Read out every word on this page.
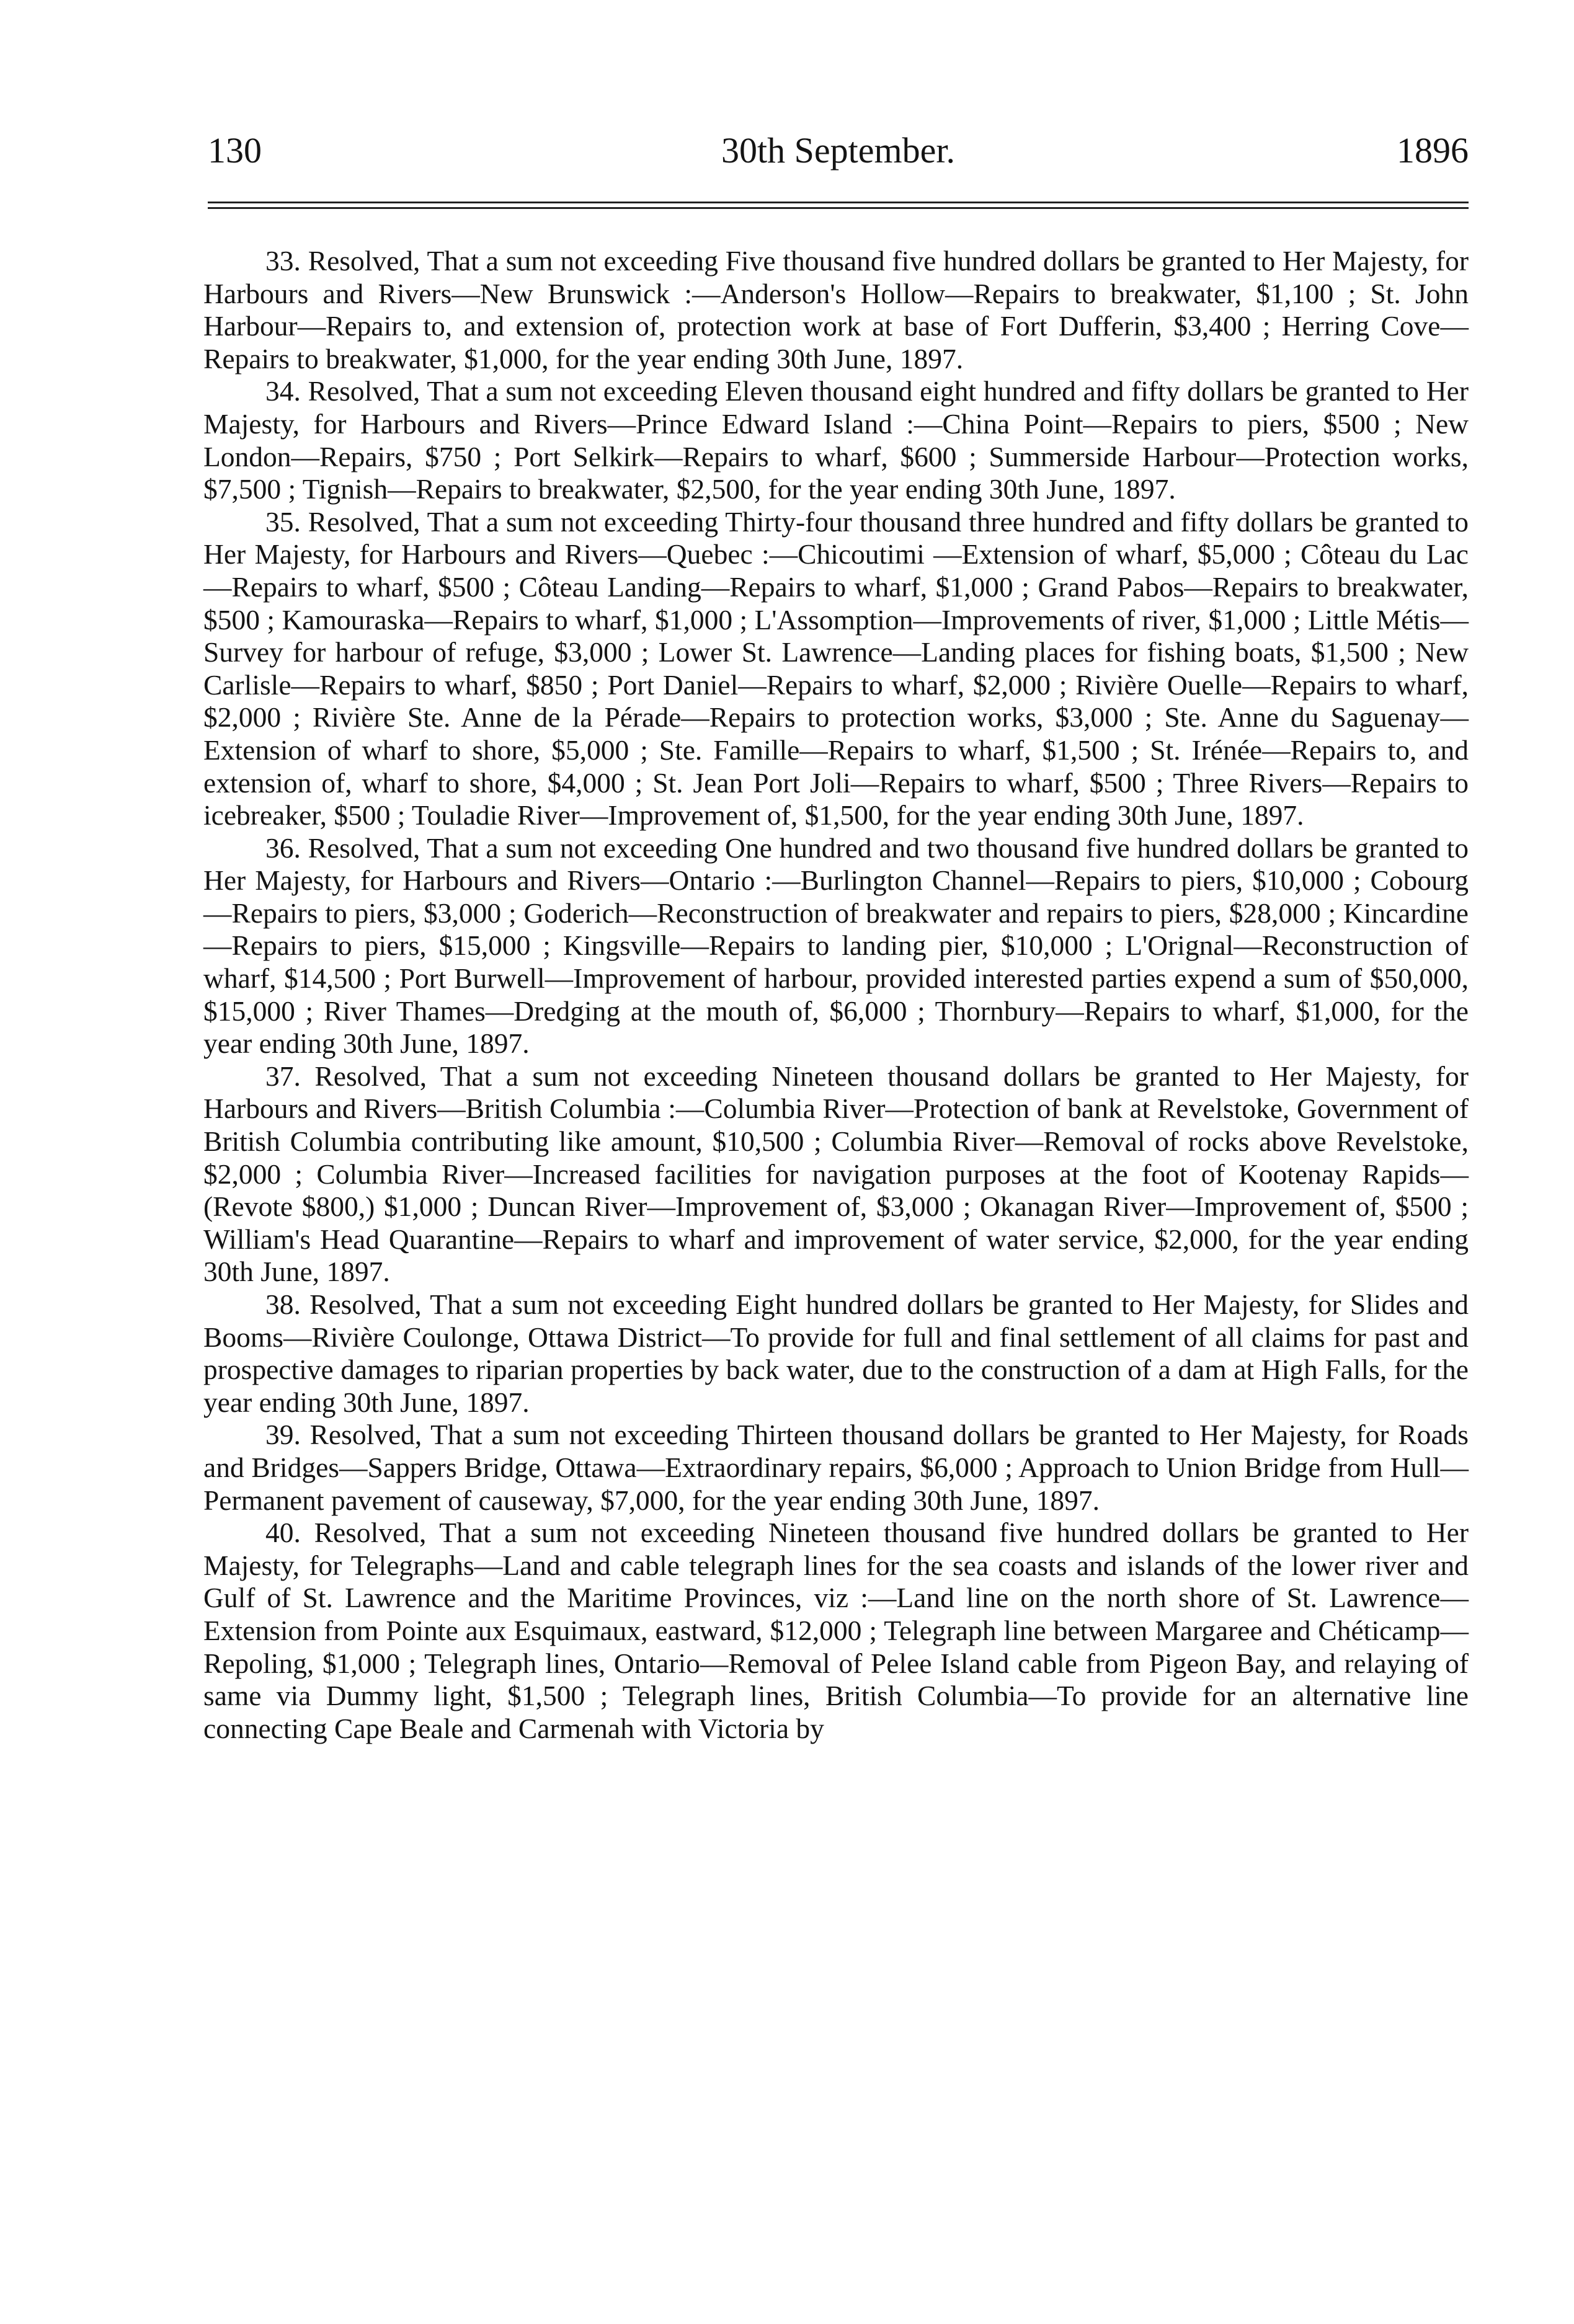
130	30th September.	1896

33. Resolved, That a sum not exceeding Five thousand five hundred dollars be granted to Her Majesty, for Harbours and Rivers—New Brunswick :—Anderson's Hollow—Repairs to breakwater, $1,100 ; St. John Harbour—Repairs to, and extension of, protection work at base of Fort Dufferin, $3,400 ; Herring Cove—Repairs to breakwater, $1,000, for the year ending 30th June, 1897.

34. Resolved, That a sum not exceeding Eleven thousand eight hundred and fifty dollars be granted to Her Majesty, for Harbours and Rivers—Prince Edward Island :—China Point—Repairs to piers, $500 ; New London—Repairs, $750 ; Port Selkirk—Repairs to wharf, $600 ; Summerside Harbour—Protection works, $7,500 ; Tignish—Repairs to breakwater, $2,500, for the year ending 30th June, 1897.

35. Resolved, That a sum not exceeding Thirty-four thousand three hundred and fifty dollars be granted to Her Majesty, for Harbours and Rivers—Quebec :—Chicoutimi —Extension of wharf, $5,000 ; Côteau du Lac—Repairs to wharf, $500 ; Côteau Landing—Repairs to wharf, $1,000 ; Grand Pabos—Repairs to breakwater, $500 ; Kamouraska—Repairs to wharf, $1,000 ; L'Assomption—Improvements of river, $1,000 ; Little Métis—Survey for harbour of refuge, $3,000 ; Lower St. Lawrence—Landing places for fishing boats, $1,500 ; New Carlisle—Repairs to wharf, $850 ; Port Daniel—Repairs to wharf, $2,000 ; Rivière Ouelle—Repairs to wharf, $2,000 ; Rivière Ste. Anne de la Pérade—Repairs to protection works, $3,000 ; Ste. Anne du Saguenay—Extension of wharf to shore, $5,000 ; Ste. Famille—Repairs to wharf, $1,500 ; St. Irénée—Repairs to, and extension of, wharf to shore, $4,000 ; St. Jean Port Joli—Repairs to wharf, $500 ; Three Rivers—Repairs to icebreaker, $500 ; Touladie River—Improvement of, $1,500, for the year ending 30th June, 1897.

36. Resolved, That a sum not exceeding One hundred and two thousand five hundred dollars be granted to Her Majesty, for Harbours and Rivers—Ontario :—Burlington Channel—Repairs to piers, $10,000 ; Cobourg—Repairs to piers, $3,000 ; Goderich—Reconstruction of breakwater and repairs to piers, $28,000 ; Kincardine—Repairs to piers, $15,000 ; Kingsville—Repairs to landing pier, $10,000 ; L'Orignal—Reconstruction of wharf, $14,500 ; Port Burwell—Improvement of harbour, provided interested parties expend a sum of $50,000, $15,000 ; River Thames—Dredging at the mouth of, $6,000 ; Thornbury—Repairs to wharf, $1,000, for the year ending 30th June, 1897.

37. Resolved, That a sum not exceeding Nineteen thousand dollars be granted to Her Majesty, for Harbours and Rivers—British Columbia :—Columbia River—Protection of bank at Revelstoke, Government of British Columbia contributing like amount, $10,500 ; Columbia River—Removal of rocks above Revelstoke, $2,000 ; Columbia River—Increased facilities for navigation purposes at the foot of Kootenay Rapids—(Revote $800,) $1,000 ; Duncan River—Improvement of, $3,000 ; Okanagan River—Improvement of, $500 ; William's Head Quarantine—Repairs to wharf and improvement of water service, $2,000, for the year ending 30th June, 1897.

38. Resolved, That a sum not exceeding Eight hundred dollars be granted to Her Majesty, for Slides and Booms—Rivière Coulonge, Ottawa District—To provide for full and final settlement of all claims for past and prospective damages to riparian properties by back water, due to the construction of a dam at High Falls, for the year ending 30th June, 1897.

39. Resolved, That a sum not exceeding Thirteen thousand dollars be granted to Her Majesty, for Roads and Bridges—Sappers Bridge, Ottawa—Extraordinary repairs, $6,000 ; Approach to Union Bridge from Hull—Permanent pavement of causeway, $7,000, for the year ending 30th June, 1897.

40. Resolved, That a sum not exceeding Nineteen thousand five hundred dollars be granted to Her Majesty, for Telegraphs—Land and cable telegraph lines for the sea coasts and islands of the lower river and Gulf of St. Lawrence and the Maritime Provinces, viz :—Land line on the north shore of St. Lawrence—Extension from Pointe aux Esquimaux, eastward, $12,000 ; Telegraph line between Margaree and Chéticamp—Repoling, $1,000 ; Telegraph lines, Ontario—Removal of Pelee Island cable from Pigeon Bay, and relaying of same via Dummy light, $1,500 ; Telegraph lines, British Columbia—To provide for an alternative line connecting Cape Beale and Carmenah with Victoria by
